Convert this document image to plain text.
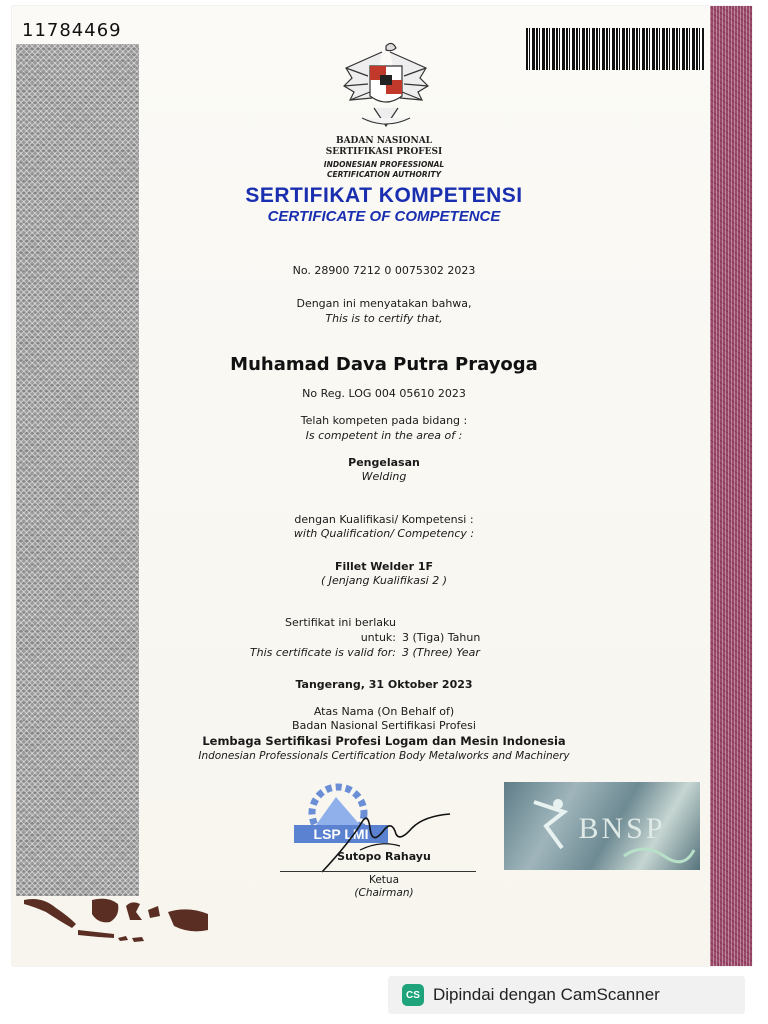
11784469
BADAN NASIONAL
SERTIFIKASI PROFESI
INDONESIAN PROFESSIONAL
CERTIFICATION AUTHORITY
SERTIFIKAT KOMPETENSI
CERTIFICATE OF COMPETENCE
No. 28900 7212 0 0075302 2023
Dengan ini menyatakan bahwa,
This is to certify that,
Muhamad Dava Putra Prayoga
No Reg. LOG 004 05610 2023
Telah kompeten pada bidang :
Is competent in the area of :
Pengelasan
Welding
dengan Kualifikasi/ Kompetensi :
with Qualification/ Competency :
Fillet Welder 1F
( Jenjang Kualifikasi 2 )
Sertifikat ini berlaku untuk: 3 (Tiga) Tahun
This certificate is valid for: 3 (Three) Year
Tangerang, 31 Oktober 2023
Atas Nama (On Behalf of)
Badan Nasional Sertifikasi Profesi
Lembaga Sertifikasi Profesi Logam dan Mesin Indonesia
Indonesian Professionals Certification Body Metalworks and Machinery
LSP LMI	BNSP
Sutopo Rahayu
Ketua
(Chairman)
CS Dipindai dengan CamScanner
